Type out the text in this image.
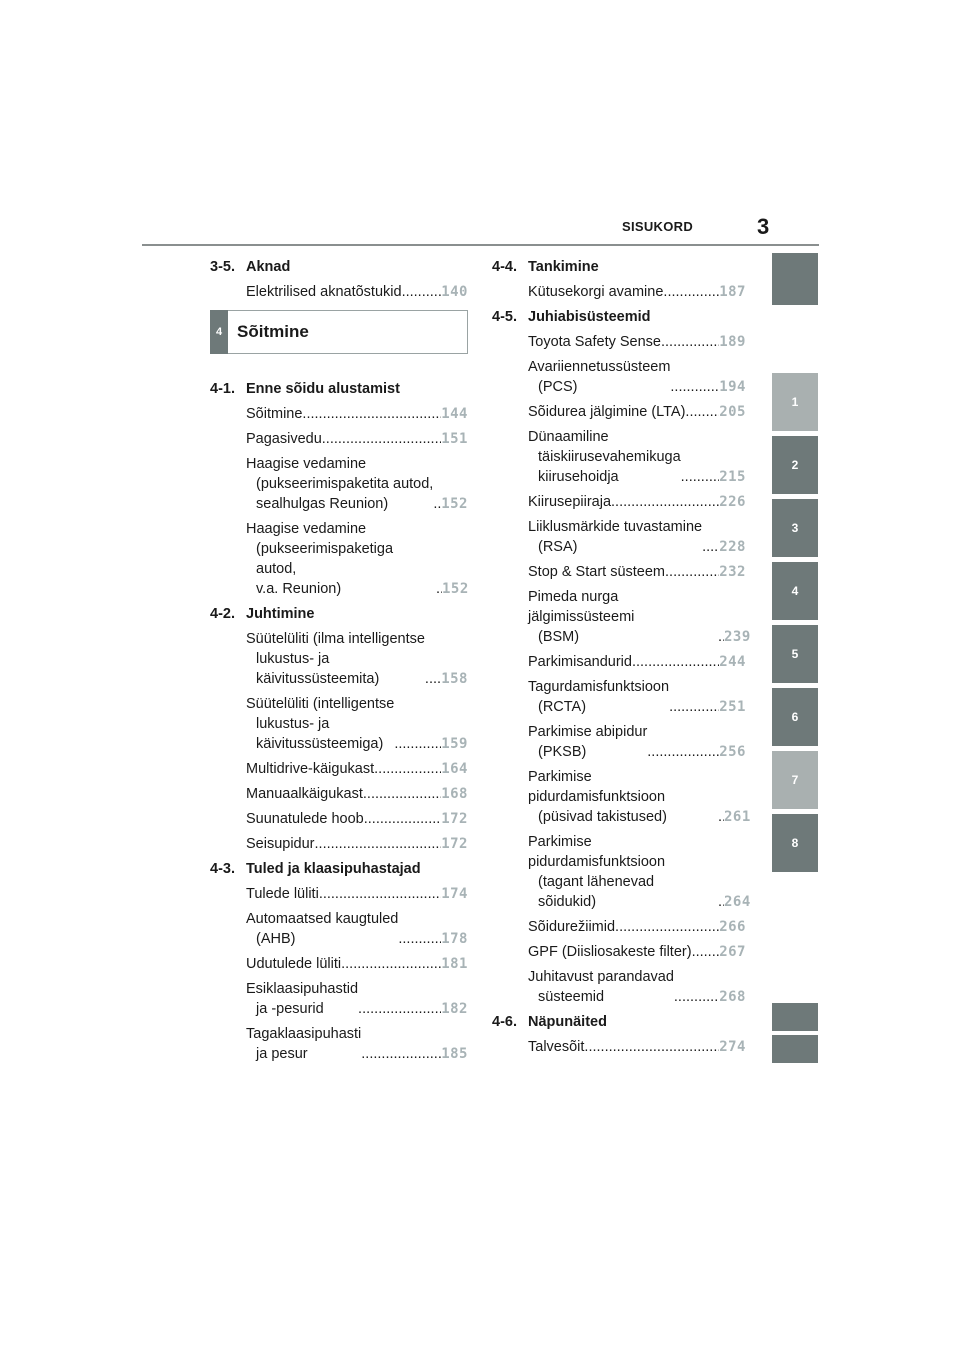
SISUKORD	3
1
2
3
4
5
6
7
8
3-5. Aknad
Elektrilised aknatõstukid .....	140
4 Sõitmine
4-1. Enne sõidu alustamist
Sõitmine .....	144
Pagasivedu .....	151
Haagise vedamine
(pukseerimispaketita autod,
sealhulgas Reunion) .....	152
Haagise vedamine
(pukseerimispaketiga autod,
v.a. Reunion) .....	152
4-2. Juhtimine
Süütelüliti (ilma intelligentse
lukustus- ja
käivitussüsteemita) .....	158
Süütelüliti (intelligentse
lukustus- ja
käivitussüsteemiga) .....	159
Multidrive-käigukast .....	164
Manuaalkäigukast .....	168
Suunatulede hoob .....	172
Seisupidur .....	172
4-3. Tuled ja klaasipuhastajad
Tulede lüliti .....	174
Automaatsed kaugtuled
(AHB) .....	178
Udutulede lüliti .....	181
Esiklaasipuhastid
ja -pesurid .....	182
Tagaklaasipuhasti
ja pesur .....	185
4-4. Tankimine
Kütusekorgi avamine .....	187
4-5. Juhiabisüsteemid
Toyota Safety Sense .....	189
Avariiennetussüsteem
(PCS) .....	194
Sõidurea jälgimine (LTA) ..... 205
Dünaamiline
täiskiirusevahemikuga
kiirusehoidja .....	215
Kiirusepiiraja .....	226
Liiklusmärkide tuvastamine
(RSA) .....	228
Stop & Start süsteem .....	232
Pimeda nurga jälgimissüsteemi
(BSM) .....	239
Parkimisandurid .....	244
Tagurdamisfunktsioon
(RCTA) .....	251
Parkimise abipidur
(PKSB) .....	256
Parkimise pidurdamisfunktsioon
(püsivad takistused) .....	261
Parkimise pidurdamisfunktsioon
(tagant lähenevad
sõidukid) .....	264
Sõidurežiimid .....	266
GPF (Diisliosakeste filter) ..... 267
Juhitavust parandavad
süsteemid .....	268
4-6. Näpunäited
Talvesõit .....	274
